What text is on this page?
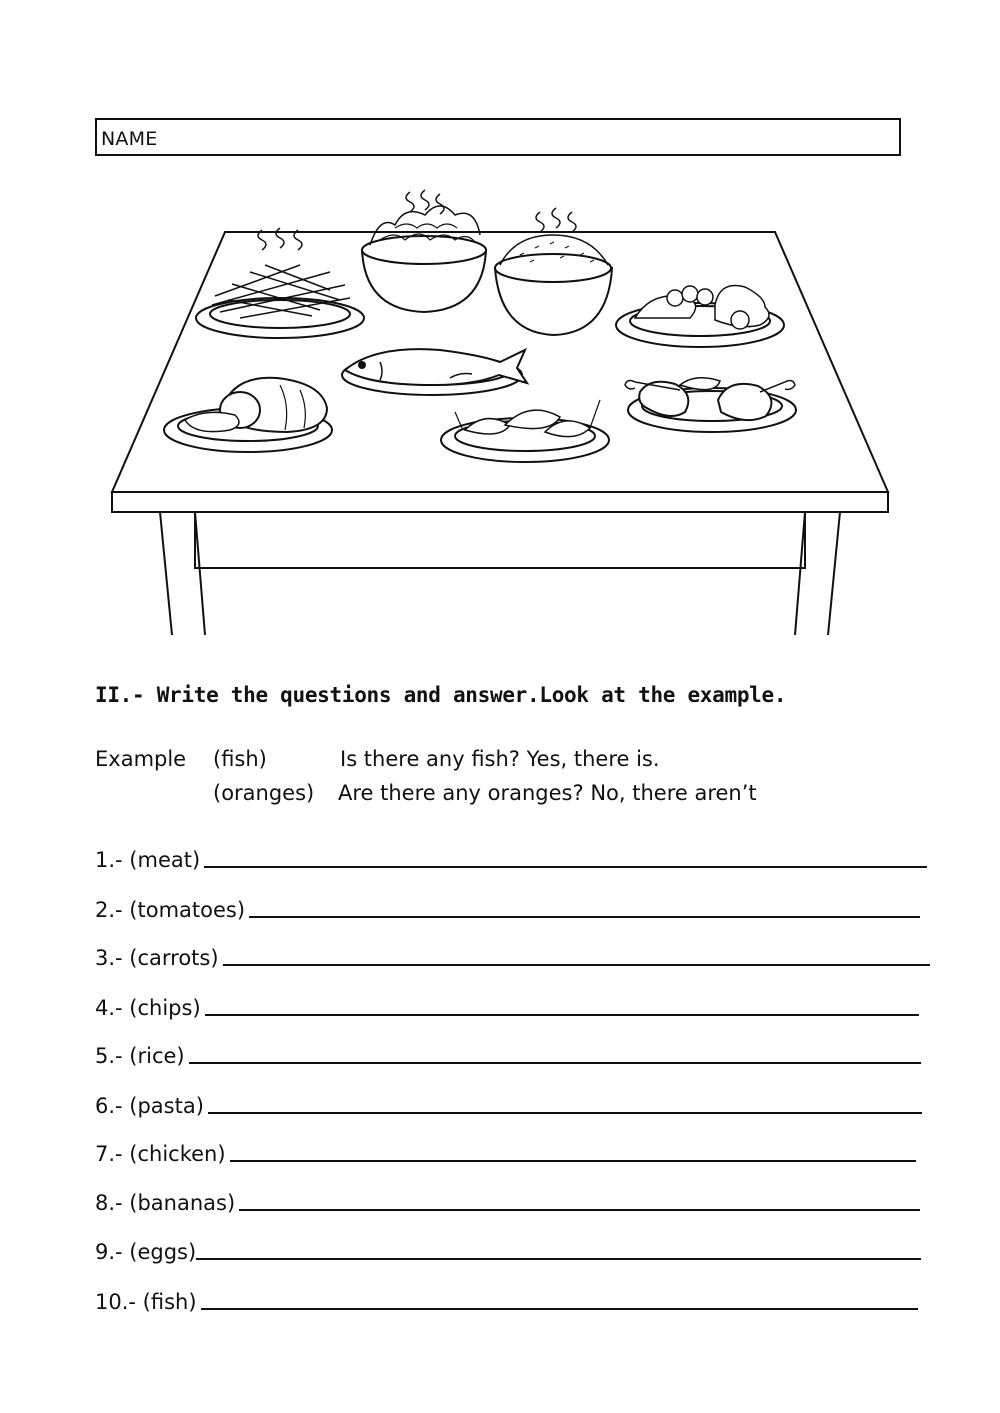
NAME
II.- Write the questions and answer.Look at the example.
Example (fish)	Is there any fish? Yes, there is.
(oranges) Are there any oranges? No, there aren’t
1.- (meat)
2.- (tomatoes)
3.- (carrots)
4.- (chips)
5.- (rice)
6.- (pasta)
7.- (chicken)
8.- (bananas)
9.- (eggs)
10.- (fish)
